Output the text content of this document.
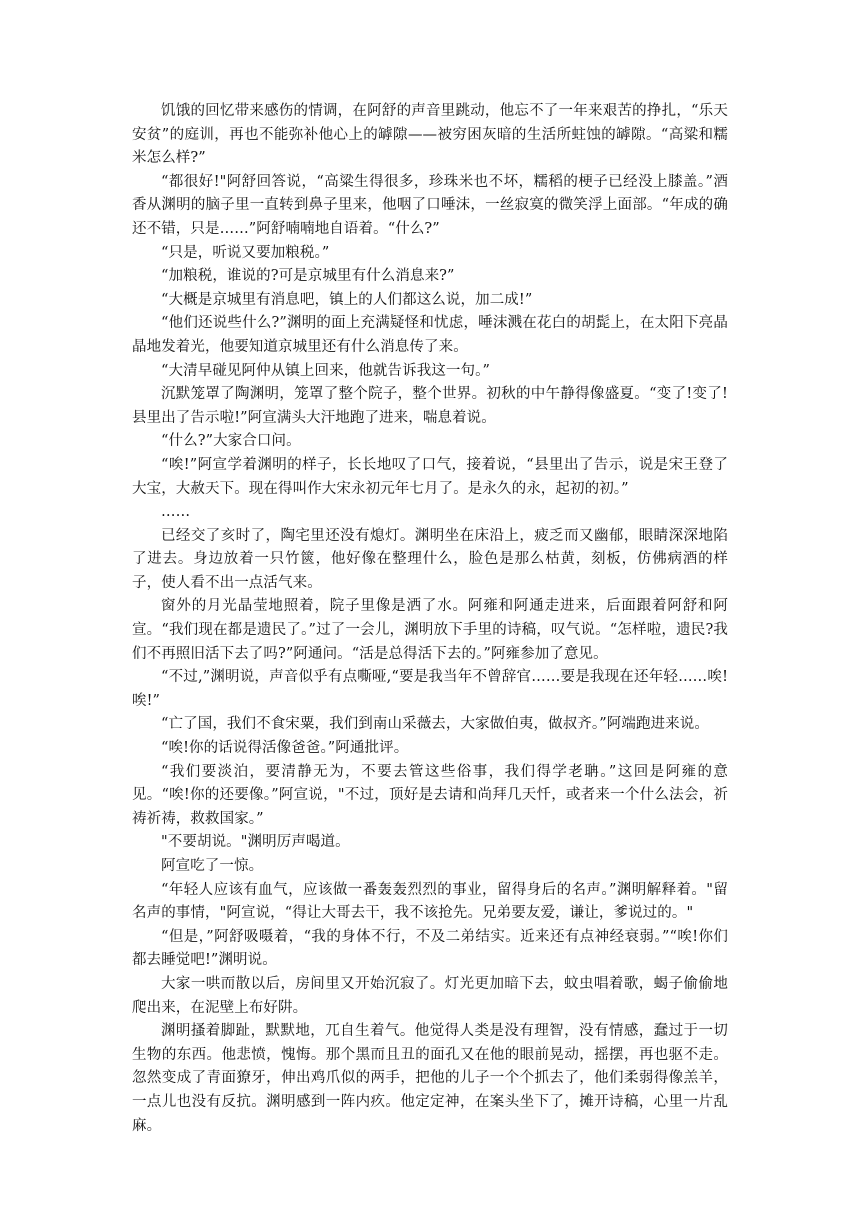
饥饿的回忆带来感伤的情调，在阿舒的声音里跳动，他忘不了一年来艰苦的挣扎，“乐天安贫”的庭训，再也不能弥补他心上的罅隙——被穷困灰暗的生活所蛀蚀的罅隙。“高粱和糯米怎么样?”

“都很好!"阿舒回答说，“高粱生得很多，珍珠米也不坏，糯稻的梗子已经没上膝盖。”酒香从渊明的脑子里一直转到鼻子里来，他咽了口唾沫，一丝寂寞的微笑浮上面部。“年成的确还不错，只是……”阿舒喃喃地自语着。“什么?”

“只是，听说又要加粮税。”

“加粮税，谁说的?可是京城里有什么消息来?”

“大概是京城里有消息吧，镇上的人们都这么说，加二成!”

“他们还说些什么?”渊明的面上充满疑怪和忧虑，唾沫溅在花白的胡髭上，在太阳下亮晶晶地发着光，他要知道京城里还有什么消息传了来。

“大清早碰见阿仲从镇上回来，他就告诉我这一句。”

沉默笼罩了陶渊明，笼罩了整个院子，整个世界。初秋的中午静得像盛夏。“变了!变了!县里出了告示啦!”阿宣满头大汗地跑了进来，喘息着说。

“什么?”大家合口问。

“唉!”阿宣学着渊明的样子，长长地叹了口气，接着说，“县里出了告示，说是宋王登了大宝，大赦天下。现在得叫作大宋永初元年七月了。是永久的永，起初的初。”

……

已经交了亥时了，陶宅里还没有熄灯。渊明坐在床沿上，疲乏而又幽郁，眼睛深深地陷了进去。身边放着一只竹篋，他好像在整理什么，脸色是那么枯黄，刻板，仿佛病酒的样子，使人看不出一点活气来。

窗外的月光晶莹地照着，院子里像是洒了水。阿雍和阿通走进来，后面跟着阿舒和阿宣。“我们现在都是遗民了。”过了一会儿，渊明放下手里的诗稿，叹气说。“怎样啦，遗民?我们不再照旧活下去了吗?”阿通问。“活是总得活下去的。”阿雍参加了意见。

“不过,”渊明说，声音似乎有点嘶哑,“要是我当年不曾辞官……要是我现在还年轻……唉!唉!”

“亡了国，我们不食宋粟，我们到南山采薇去，大家做伯夷，做叔齐。”阿端跑进来说。

“唉!你的话说得活像爸爸。”阿通批评。

“我们要淡泊，要清静无为，不要去管这些俗事，我们得学老聃。”这回是阿雍的意见。“唉!你的还要像。”阿宣说，"不过，顶好是去请和尚拜几天忏，或者来一个什么法会，祈祷祈祷，救救国家。”

"不要胡说。"渊明厉声喝道。

阿宣吃了一惊。

“年轻人应该有血气，应该做一番轰轰烈烈的事业，留得身后的名声。”渊明解释着。"留名声的事情，"阿宣说，“得让大哥去干，我不该抢先。兄弟要友爱，谦让，爹说过的。"

“但是，”阿舒吸嗫着，“我的身体不行，不及二弟结实。近来还有点神经衰弱。”“唉!你们都去睡觉吧!”渊明说。

大家一哄而散以后，房间里又开始沉寂了。灯光更加暗下去，蚊虫唱着歌，蝎子偷偷地爬出来，在泥壁上布好阱。

渊明搔着脚趾，默默地，兀自生着气。他觉得人类是没有理智，没有情感，蠢过于一切生物的东西。他悲愤，愧悔。那个黑而且丑的面孔又在他的眼前晃动，摇摆，再也驱不走。忽然变成了青面獠牙，伸出鸡爪似的两手，把他的儿子一个个抓去了，他们柔弱得像羔羊，一点儿也没有反抗。渊明感到一阵内疚。他定定神，在案头坐下了，摊开诗稿，心里一片乱麻。
